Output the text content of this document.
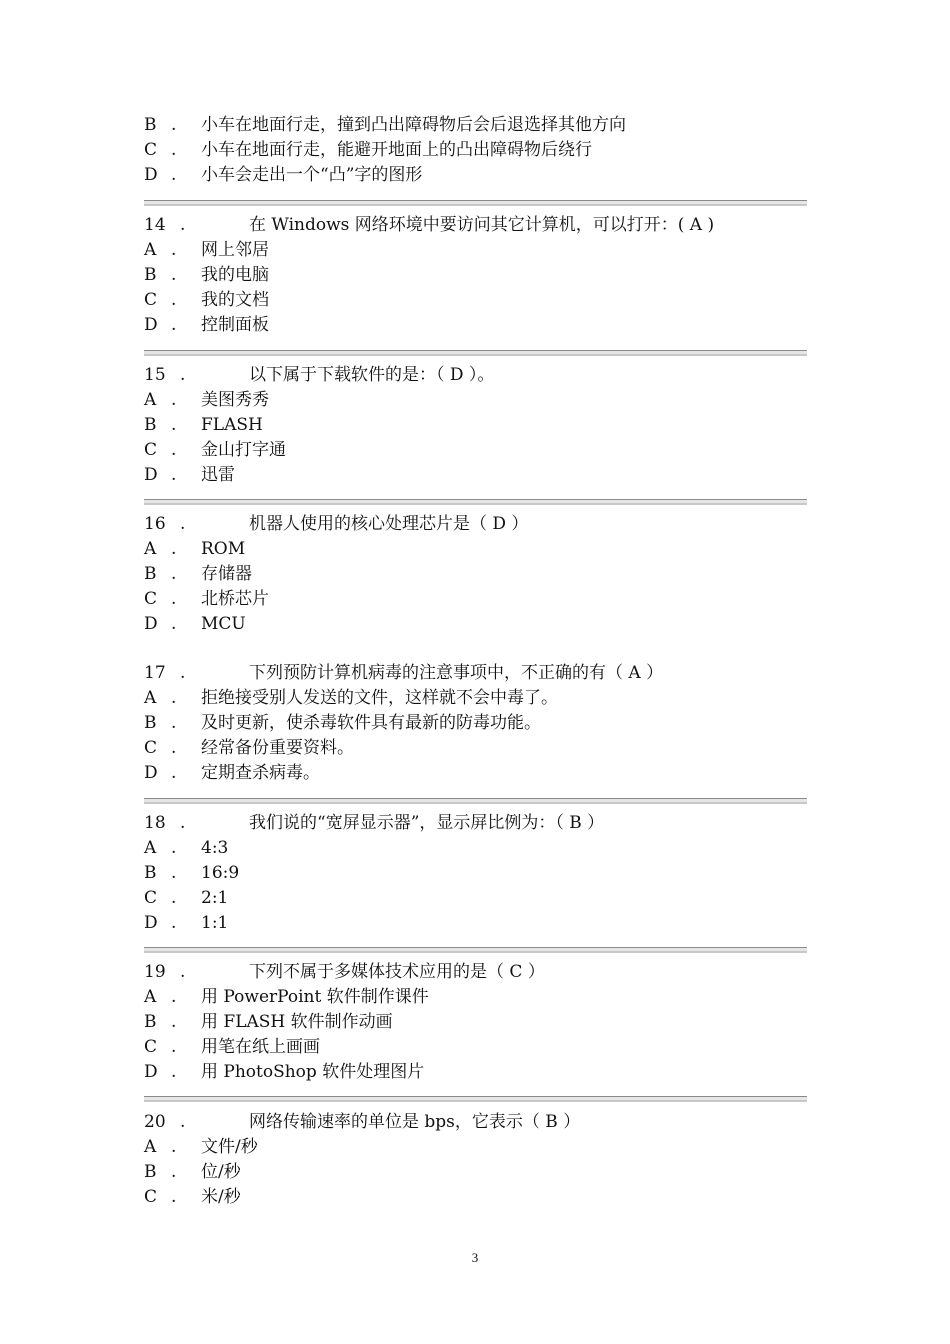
B . 小车在地面行走，撞到凸出障碍物后会后退选择其他方向
C . 小车在地面行走，能避开地面上的凸出障碍物后绕行
D . 小车会走出一个“凸”字的图形
14 .	在 Windows 网络环境中要访问其它计算机，可以打开：( A )
A . 网上邻居
B . 我的电脑
C . 我的文档
D . 控制面板
15 .	以下属于下载软件的是：（ D ）。
A . 美图秀秀
B . FLASH
C . 金山打字通
D . 迅雷
16 .	机器人使用的核心处理芯片是（ D ）
A . ROM
B . 存储器
C . 北桥芯片
D . MCU
17 .	下列预防计算机病毒的注意事项中，不正确的有（ A ）
A . 拒绝接受别人发送的文件，这样就不会中毒了。
B . 及时更新，使杀毒软件具有最新的防毒功能。
C . 经常备份重要资料。
D . 定期查杀病毒。
18 .	我们说的“宽屏显示器”，显示屏比例为：（ B ）
A . 4:3
B . 16:9
C . 2:1
D . 1:1
19 .	下列不属于多媒体技术应用的是（ C ）
A . 用 PowerPoint 软件制作课件
B . 用 FLASH 软件制作动画
C . 用笔在纸上画画
D . 用 PhotoShop 软件处理图片
20 .	网络传输速率的单位是 bps，它表示（ B ）
A . 文件/秒
B . 位/秒
C . 米/秒
3
